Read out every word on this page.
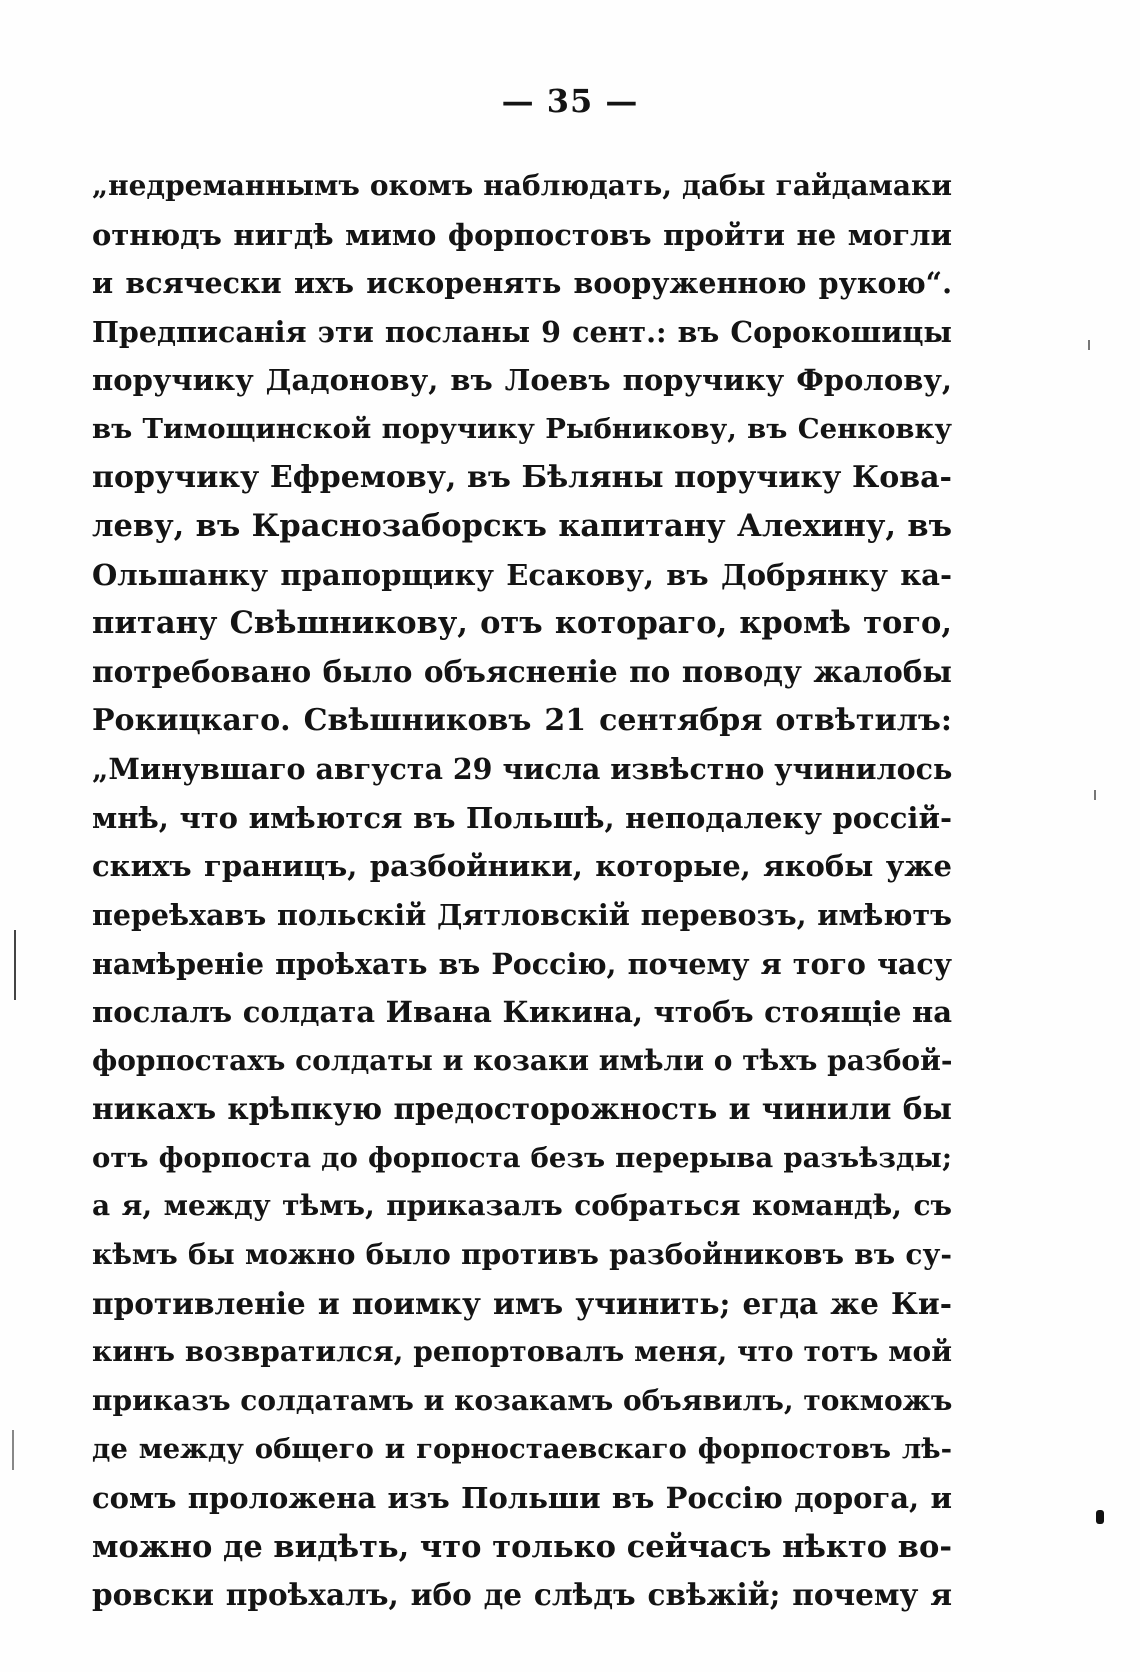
— 35 —
„недреманнымъ окомъ наблюдать, дабы гайдамаки
отнюдъ нигдѣ мимо форпостовъ пройти не могли
и всячески ихъ искоренять вооруженною рукою“.
Предписанія эти посланы 9 сент.: въ Сорокошицы
поручику Дадонову, въ Лоевъ поручику Фролову,
въ Тимощинской поручику Рыбникову, въ Сенковку
поручику Ефремову, въ Бѣляны поручику Кова-
леву, въ Краснозаборскъ капитану Алехину, въ
Ольшанку прапорщику Есакову, въ Добрянку ка-
питану Свѣшникову, отъ котораго, кромѣ того,
потребовано было объясненіе по поводу жалобы
Рокицкаго. Свѣшниковъ 21 сентября отвѣтилъ:
„Минувшаго августа 29 числа извѣстно учинилось
мнѣ, что имѣются въ Польшѣ, неподалеку россій-
скихъ границъ, разбойники, которые, якобы уже
переѣхавъ польскій Дятловскій перевозъ, имѣютъ
намѣреніе проѣхать въ Россію, почему я того часу
послалъ солдата Ивана Кикина, чтобъ стоящіе на
форпостахъ солдаты и козаки имѣли о тѣхъ разбой-
никахъ крѣпкую предосторожность и чинили бы
отъ форпоста до форпоста безъ перерыва разъѣзды;
а я, между тѣмъ, приказалъ собраться командѣ, съ
кѣмъ бы можно было противъ разбойниковъ въ су-
противленіе и поимку имъ учинить; егда же Ки-
кинъ возвратился, репортовалъ меня, что тотъ мой
приказъ солдатамъ и козакамъ объявилъ, токможъ
де между общего и горностаевскаго форпостовъ лѣ-
сомъ проложена изъ Польши въ Россію дорога, и
можно де видѣть, что только сейчасъ нѣкто во-
ровски проѣхалъ, ибо де слѣдъ свѣжій; почему я
